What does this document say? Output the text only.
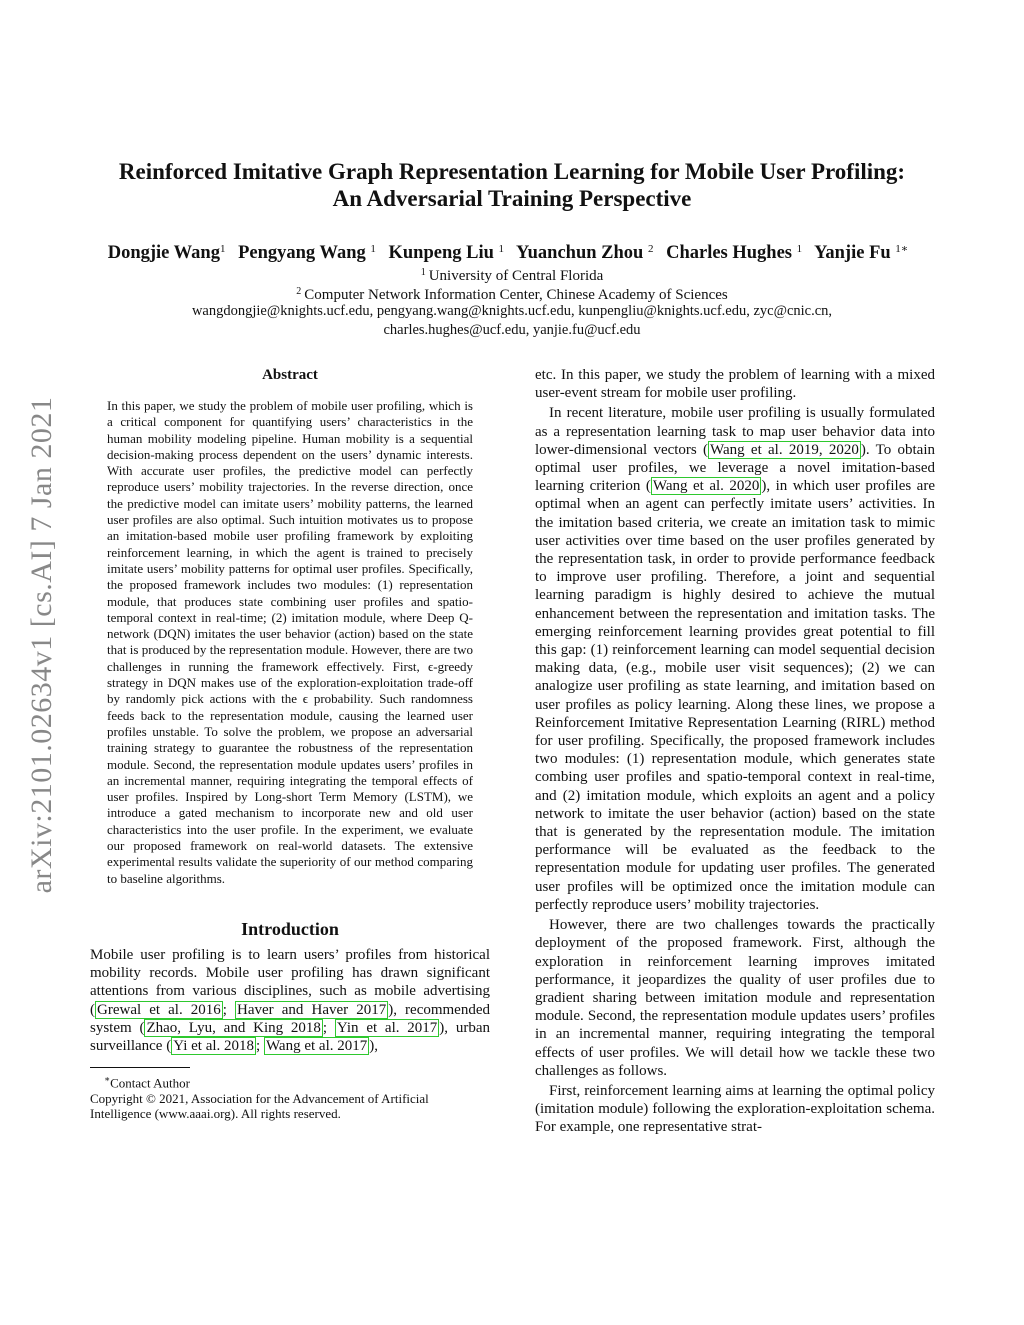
Reinforced Imitative Graph Representation Learning for Mobile User Profiling:
An Adversarial Training Perspective
Dongjie Wang$^1$ Pengyang Wang $^1$ Kunpeng Liu $^1$ Yuanchun Zhou $^2$ Charles Hughes $^1$ Yanjie Fu $^{1∗}$
$^1$ University of Central Florida
$^2$ Computer Network Information Center, Chinese Academy of Sciences
wangdongjie@knights.ucf.edu, pengyang.wang@knights.ucf.edu, kunpengliu@knights.ucf.edu, zyc@cnic.cn,
charles.hughes@ucf.edu, yanjie.fu@ucf.edu
arXiv:2101.02634v1 [cs.AI] 7 Jan 2021
Abstract

In this paper, we study the problem of mobile user profiling, which is a critical component for quantifying users’ characteristics in the human mobility modeling pipeline. Human mobility is a sequential decision-making process dependent on the users’ dynamic interests. With accurate user profiles, the predictive model can perfectly reproduce users’ mobility trajectories. In the reverse direction, once the predictive model can imitate users’ mobility patterns, the learned user profiles are also optimal. Such intuition motivates us to propose an imitation-based mobile user profiling framework by exploiting reinforcement learning, in which the agent is trained to precisely imitate users’ mobility patterns for optimal user profiles. Specifically, the proposed framework includes two modules: (1) representation module, that produces state combining user profiles and spatio-temporal context in real-time; (2) imitation module, where Deep Q-network (DQN) imitates the user behavior (action) based on the state that is produced by the representation module. However, there are two challenges in running the framework effectively. First, ϵ-greedy strategy in DQN makes use of the exploration-exploitation trade-off by randomly pick actions with the ϵ probability. Such randomness feeds back to the representation module, causing the learned user profiles unstable. To solve the problem, we propose an adversarial training strategy to guarantee the robustness of the representation module. Second, the representation module updates users’ profiles in an incremental manner, requiring integrating the temporal effects of user profiles. Inspired by Long-short Term Memory (LSTM), we introduce a gated mechanism to incorporate new and old user characteristics into the user profile. In the experiment, we evaluate our proposed framework on real-world datasets. The extensive experimental results validate the superiority of our method comparing to baseline algorithms.

Introduction

Mobile user profiling is to learn users’ profiles from historical mobility records. Mobile user profiling has drawn significant attentions from various disciplines, such as mobile advertising ( Grewal et al. 2016 ; Haver and Haver 2017 ), recommended system ( Zhao, Lyu, and King 2018 ; Yin et al. 2017 ), urban surveillance ( Yi et al. 2018 ; Wang et al. 2017 ),

∗Contact Author

Copyright © 2021, Association for the Advancement of Artificial Intelligence (www.aaai.org). All rights reserved.

etc. In this paper, we study the problem of learning with a mixed user-event stream for mobile user profiling.

In recent literature, mobile user profiling is usually formulated as a representation learning task to map user behavior data into lower-dimensional vectors ( Wang et al. 2019, 2020 ). To obtain optimal user profiles, we leverage a novel imitation-based learning criterion ( Wang et al. 2020 ), in which user profiles are optimal when an agent can perfectly imitate users’ activities. In the imitation based criteria, we create an imitation task to mimic user activities over time based on the user profiles generated by the representation task, in order to provide performance feedback to improve user profiling. Therefore, a joint and sequential learning paradigm is highly desired to achieve the mutual enhancement between the representation and imitation tasks. The emerging reinforcement learning provides great potential to fill this gap: (1) reinforcement learning can model sequential decision making data, (e.g., mobile user visit sequences); (2) we can analogize user profiling as state learning, and imitation based on user profiles as policy learning. Along these lines, we propose a Reinforcement Imitative Representation Learning (RIRL) method for user profiling. Specifically, the proposed framework includes two modules: (1) representation module, which generates state combing user profiles and spatio-temporal context in real-time, and (2) imitation module, which exploits an agent and a policy network to imitate the user behavior (action) based on the state that is generated by the representation module. The imitation performance will be evaluated as the feedback to the representation module for updating user profiles. The generated user profiles will be optimized once the imitation module can perfectly reproduce users’ mobility trajectories.

However, there are two challenges towards the practically deployment of the proposed framework. First, although the exploration in reinforcement learning improves imitated performance, it jeopardizes the quality of user profiles due to gradient sharing between imitation module and representation module. Second, the representation module updates users’ profiles in an incremental manner, requiring integrating the temporal effects of user profiles. We will detail how we tackle these two challenges as follows.

First, reinforcement learning aims at learning the optimal policy (imitation module) following the exploration-exploitation schema. For example, one representative strat-
